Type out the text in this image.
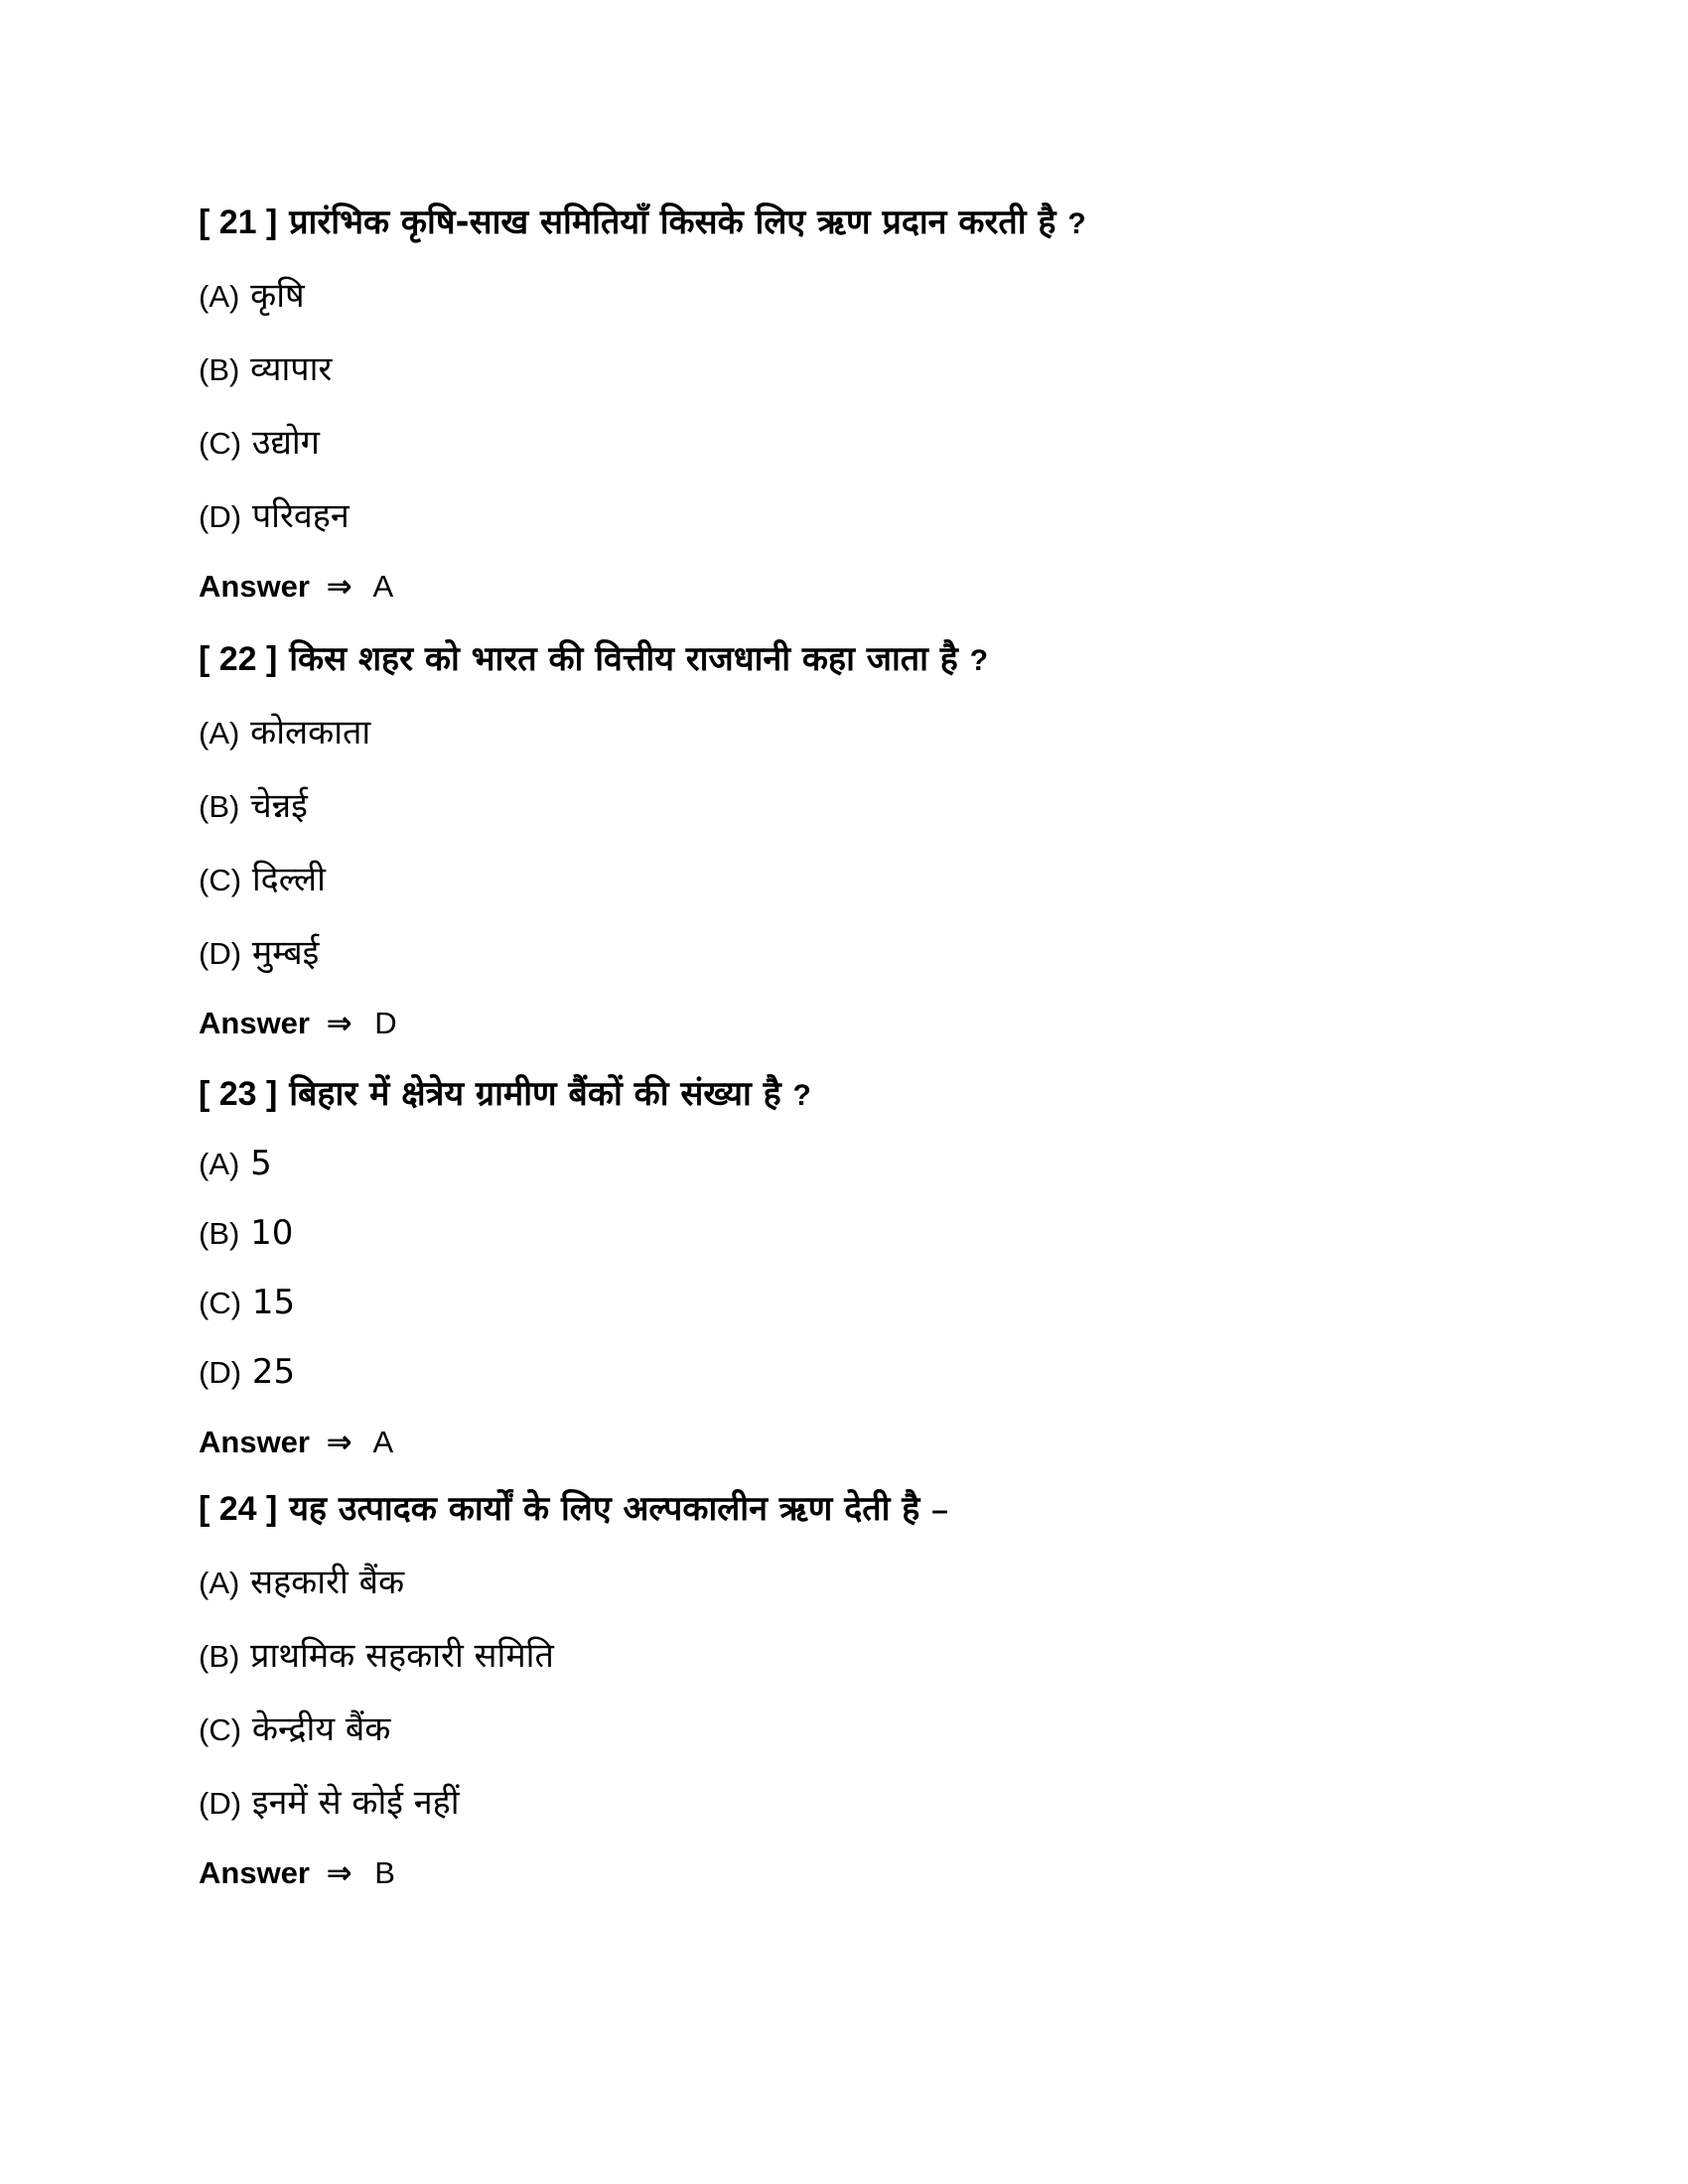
[ 21 ] प्रारंभिक कृषि-साख समितियाँ किसके लिए ऋण प्रदान करती है ?
(A) कृषि
(B) व्यापार
(C) उद्योग
(D) परिवहन
Answer ⇒ A
[ 22 ] किस शहर को भारत की वित्तीय राजधानी कहा जाता है ?
(A) कोलकाता
(B) चेन्नई
(C) दिल्ली
(D) मुम्बई
Answer ⇒ D
[ 23 ] बिहार में क्षेत्रेय ग्रामीण बैंकों की संख्या है ?
(A) 5
(B) 10
(C) 15
(D) 25
Answer ⇒ A
[ 24 ] यह उत्पादक कार्यों के लिए अल्पकालीन ऋण देती है –
(A) सहकारी बैंक
(B) प्राथमिक सहकारी समिति
(C) केन्द्रीय बैंक
(D) इनमें से कोई नहीं
Answer ⇒ B
